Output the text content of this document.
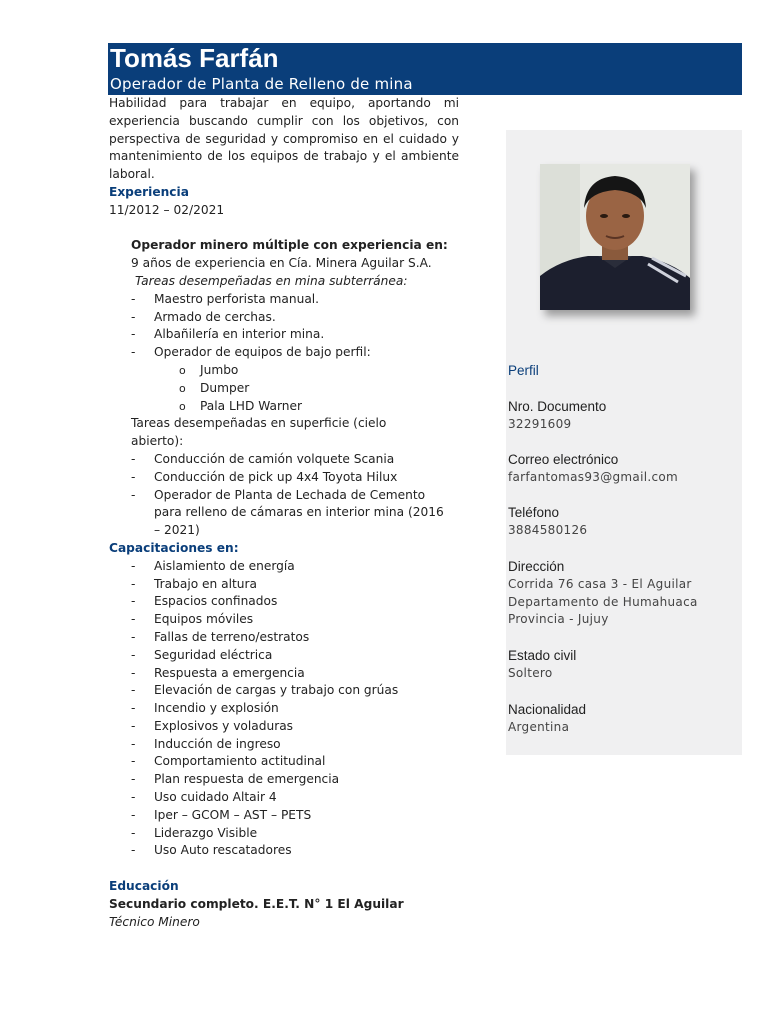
Tomás Farfán
Operador de Planta de Relleno de mina

Habilidad para trabajar en equipo, aportando mi experiencia buscando cumplir con los objetivos, con perspectiva de seguridad y compromiso en el cuidado y mantenimiento de los equipos de trabajo y el ambiente laboral.

Experiencia

11/2012 – 02/2021

Operador minero múltiple con experiencia en:

9 años de experiencia en Cía. Minera Aguilar S.A.

Tareas desempeñadas en mina subterránea:

- Maestro perforista manual.
- Armado de cerchas.
- Albañilería en interior mina.
- Operador de equipos de bajo perfil:
o Jumbo
o Dumper
o Pala LHD Warner

Tareas desempeñadas en superficie (cielo abierto):

- Conducción de camión volquete Scania
- Conducción de pick up 4x4 Toyota Hilux
- Operador de Planta de Lechada de Cemento para relleno de cámaras en interior mina (2016 – 2021)

Capacitaciones en:

- Aislamiento de energía
- Trabajo en altura
- Espacios confinados
- Equipos móviles
- Fallas de terreno/estratos
- Seguridad eléctrica
- Respuesta a emergencia
- Elevación de cargas y trabajo con grúas
- Incendio y explosión
- Explosivos y voladuras
- Inducción de ingreso
- Comportamiento actitudinal
- Plan respuesta de emergencia
- Uso cuidado Altair 4
- Iper – GCOM – AST – PETS
- Liderazgo Visible
- Uso Auto rescatadores

Educación

Secundario completo. E.E.T. N° 1 El Aguilar

Técnico Minero

Perfil

Nro. Documento

32291609

Correo electrónico

farfantomas93@gmail.com

Teléfono

3884580126

Dirección

Corrida 76 casa 3 - El Aguilar

Departamento de Humahuaca

Provincia - Jujuy

Estado civil

Soltero

Nacionalidad

Argentina
